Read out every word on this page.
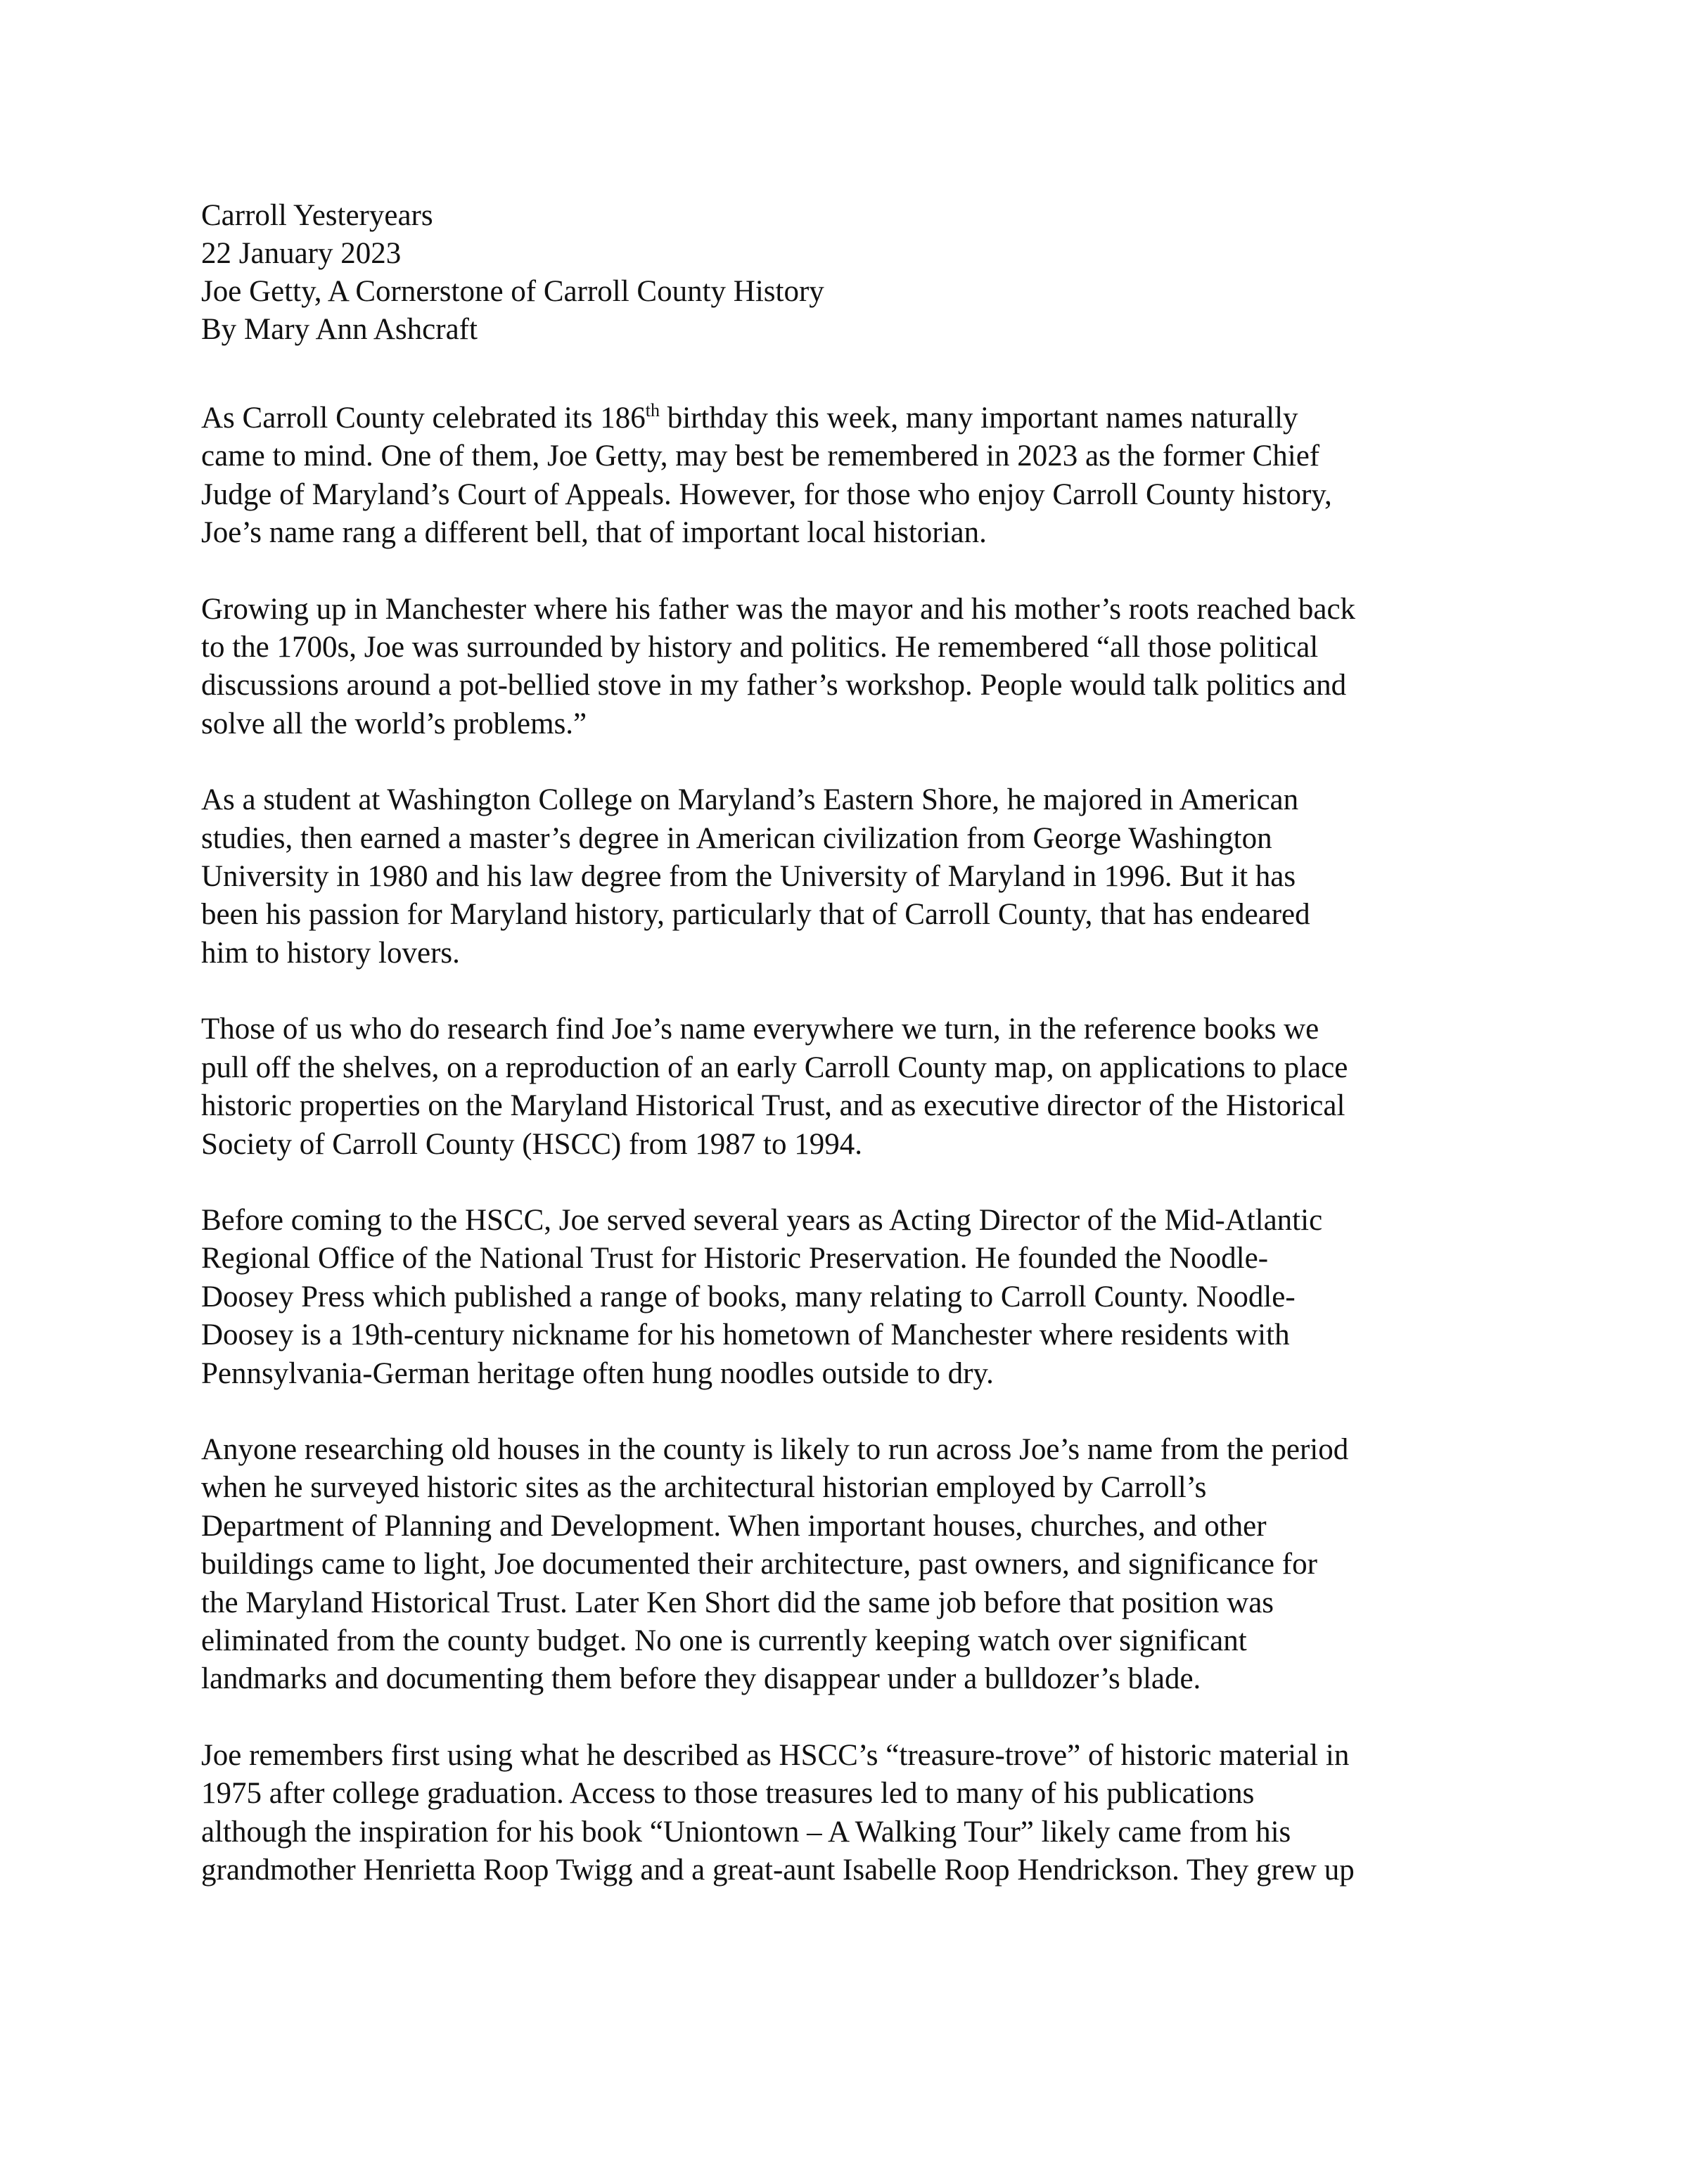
Carroll Yesteryears

22 January 2023

Joe Getty, A Cornerstone of Carroll County History

By Mary Ann Ashcraft

As Carroll County celebrated its 186th birthday this week, many important names naturally
came to mind. One of them, Joe Getty, may best be remembered in 2023 as the former Chief
Judge of Maryland’s Court of Appeals. However, for those who enjoy Carroll County history,
Joe’s name rang a different bell, that of important local historian.

Growing up in Manchester where his father was the mayor and his mother’s roots reached back
to the 1700s, Joe was surrounded by history and politics. He remembered “all those political
discussions around a pot-bellied stove in my father’s workshop. People would talk politics and
solve all the world’s problems.”

As a student at Washington College on Maryland’s Eastern Shore, he majored in American
studies, then earned a master’s degree in American civilization from George Washington
University in 1980 and his law degree from the University of Maryland in 1996. But it has
been his passion for Maryland history, particularly that of Carroll County, that has endeared
him to history lovers.

Those of us who do research find Joe’s name everywhere we turn, in the reference books we
pull off the shelves, on a reproduction of an early Carroll County map, on applications to place
historic properties on the Maryland Historical Trust, and as executive director of the Historical
Society of Carroll County (HSCC) from 1987 to 1994.

Before coming to the HSCC, Joe served several years as Acting Director of the Mid-Atlantic
Regional Office of the National Trust for Historic Preservation. He founded the Noodle-
Doosey Press which published a range of books, many relating to Carroll County. Noodle-
Doosey is a 19th-century nickname for his hometown of Manchester where residents with
Pennsylvania-German heritage often hung noodles outside to dry.

Anyone researching old houses in the county is likely to run across Joe’s name from the period
when he surveyed historic sites as the architectural historian employed by Carroll’s
Department of Planning and Development. When important houses, churches, and other
buildings came to light, Joe documented their architecture, past owners, and significance for
the Maryland Historical Trust. Later Ken Short did the same job before that position was
eliminated from the county budget. No one is currently keeping watch over significant
landmarks and documenting them before they disappear under a bulldozer’s blade.

Joe remembers first using what he described as HSCC’s “treasure-trove” of historic material in
1975 after college graduation. Access to those treasures led to many of his publications
although the inspiration for his book “Uniontown – A Walking Tour” likely came from his
grandmother Henrietta Roop Twigg and a great-aunt Isabelle Roop Hendrickson. They grew up
